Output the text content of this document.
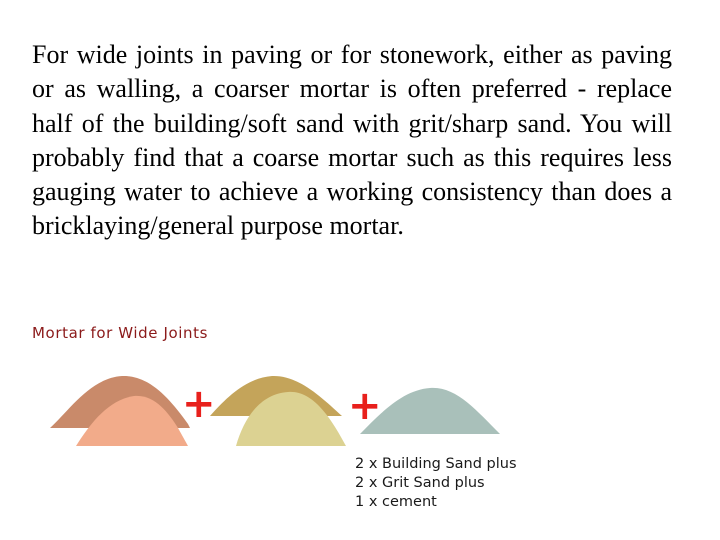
For wide joints in paving or for stonework, either as paving or as walling, a coarser mortar is often preferred - replace half of the building/soft sand with grit/sharp sand. You will probably find that a coarse mortar such as this requires less gauging water to achieve a working consistency than does a bricklaying/general purpose mortar.

Mortar for Wide Joints
+	+
2 x Building Sand plus
2 x Grit Sand plus
1 x cement
